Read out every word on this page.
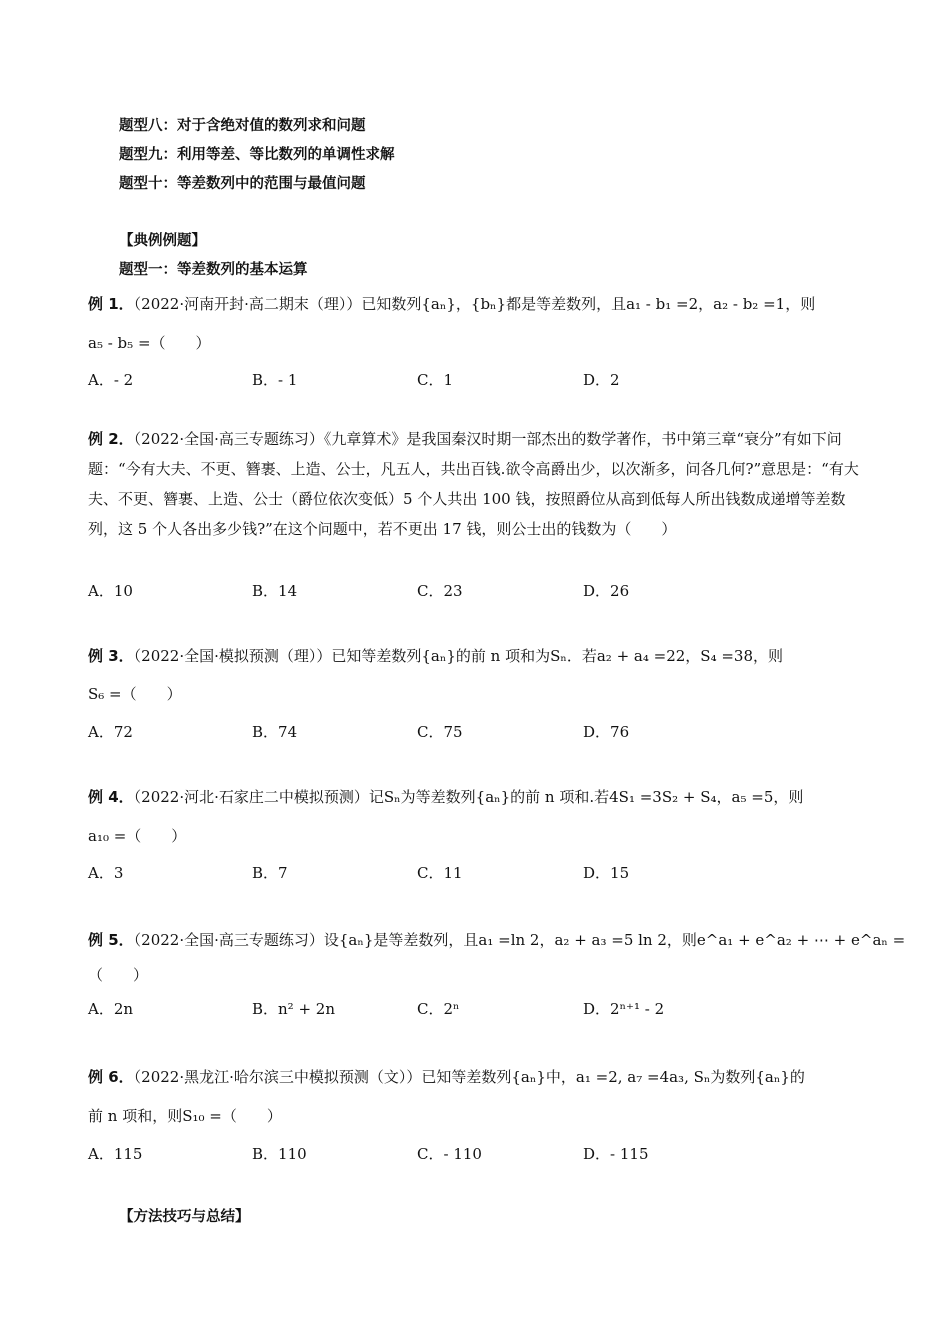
题型八：对于含绝对值的数列求和问题
题型九：利用等差、等比数列的单调性求解
题型十：等差数列中的范围与最值问题
【典例例题】
题型一：等差数列的基本运算
例 1．（2022·河南开封·高二期末（理））已知数列{aₙ}，{bₙ}都是等差数列，且a₁ - b₁ =2，a₂ - b₂ =1，则
a₅ - b₅ =（　　）
A．- 2	B．- 1	C．1	D．2
例 2．（2022·全国·高三专题练习）《九章算术》是我国秦汉时期一部杰出的数学著作，书中第三章“衰分”有如下问题：“今有大夫、不更、簪裹、上造、公士，凡五人，共出百钱.欲令高爵出少，以次渐多，问各几何?”意思是：“有大夫、不更、簪裹、上造、公士（爵位依次变低）5 个人共出 100 钱，按照爵位从高到低每人所出钱数成递增等差数列，这 5 个人各出多少钱?”在这个问题中，若不更出 17 钱，则公士出的钱数为（　　）
A．10	B．14	C．23	D．26
例 3．（2022·全国·模拟预测（理））已知等差数列{aₙ}的前 n 项和为Sₙ．若a₂ + a₄ =22，S₄ =38，则
S₆ =（　　）
A．72	B．74	C．75	D．76
例 4．（2022·河北·石家庄二中模拟预测）记Sₙ为等差数列{aₙ}的前 n 项和.若4S₁ =3S₂ + S₄，a₅ =5，则
a₁₀ =（　　）
A．3	B．7	C．11	D．15
例 5．（2022·全国·高三专题练习）设{aₙ}是等差数列，且a₁ =ln 2，a₂ + a₃ =5 ln 2，则e^a₁ + e^a₂ + ⋯ + e^aₙ =
（　　）
A．2n	B．n² + 2n	C．2ⁿ	D．2ⁿ⁺¹ - 2
例 6．（2022·黑龙江·哈尔滨三中模拟预测（文））已知等差数列{aₙ}中，a₁ =2, a₇ =4a₃, Sₙ为数列{aₙ}的
前 n 项和，则S₁₀ =（　　）
A．115	B．110	C．- 110	D．- 115
【方法技巧与总结】
